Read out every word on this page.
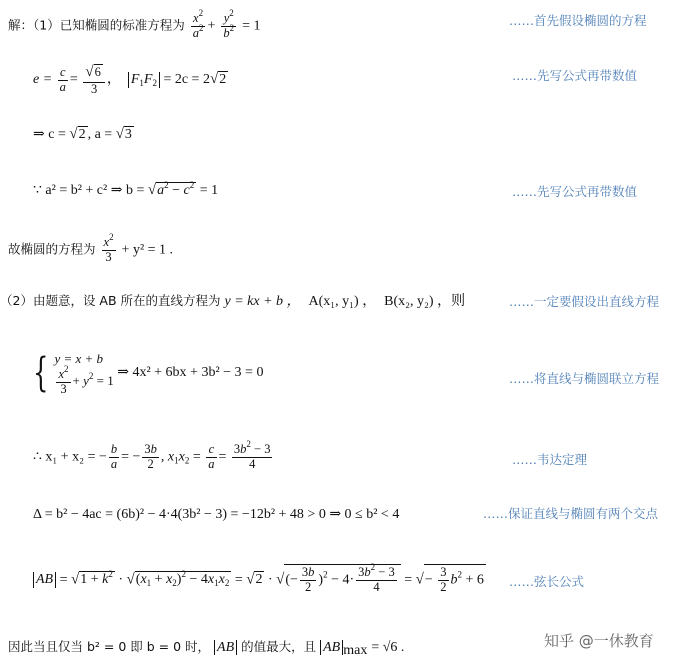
解：（1）已知椭圆的标准方程为 $\frac{x^2}{a^2} + \frac{y^2}{b^2} = 1$	……首先假设椭圆的方程
$e = \frac{c}{a} = \frac{√6}{3}$ ，  $F_1F_2 = 2c = 2√2$	……先写公式再带数值
⇒ c = √2 , a = √3
∵ a² = b² + c² ⇒ $b = √a^2 - c^2 = 1$	……先写公式再带数值
故椭圆的方程为 $\frac{x^2}{3} + y^2 = 1$ .
（2）由题意，设 AB 所在的直线方程为 y = kx + b ， A(x₁, y₁) ， B(x₂, y₂) ，则	……一定要假设出直线方程
{ y = x + b
$\frac{x^2}{3} + y^2 = 1$
⇒ 4x² + 6bx + 3b² − 3 = 0	……将直线与椭圆联立方程
∴ x₁ + x₂ = − $\frac{b}{a}$ = − $\frac{3b}{2}$ , $x_1x_2 = \frac{c}{a} = \frac{3b^2 - 3}{4}$	……韦达定理
Δ = b² − 4ac = (6b)² − 4·4(3b² − 3) = −12b² + 48 > 0 ⇒ 0 ≤ b² < 4	……保证直线与椭圆有两个交点
AB = $√1 + k^2 \cdot √(x_1 + x_2)^2 - 4x_1x_2 = √2$ · √(− $\frac{3b}{2} )^2 - 4\cdot \frac{3b^2 - 3}{4}$ = √− $\frac{3}{2} b^2 + 6$ ……弦长公式
因此当且仅当 b² = 0 即 b = 0 时， AB 的值最大，且 AB $_{max}$ = √6 .	知乎 @一休教育
